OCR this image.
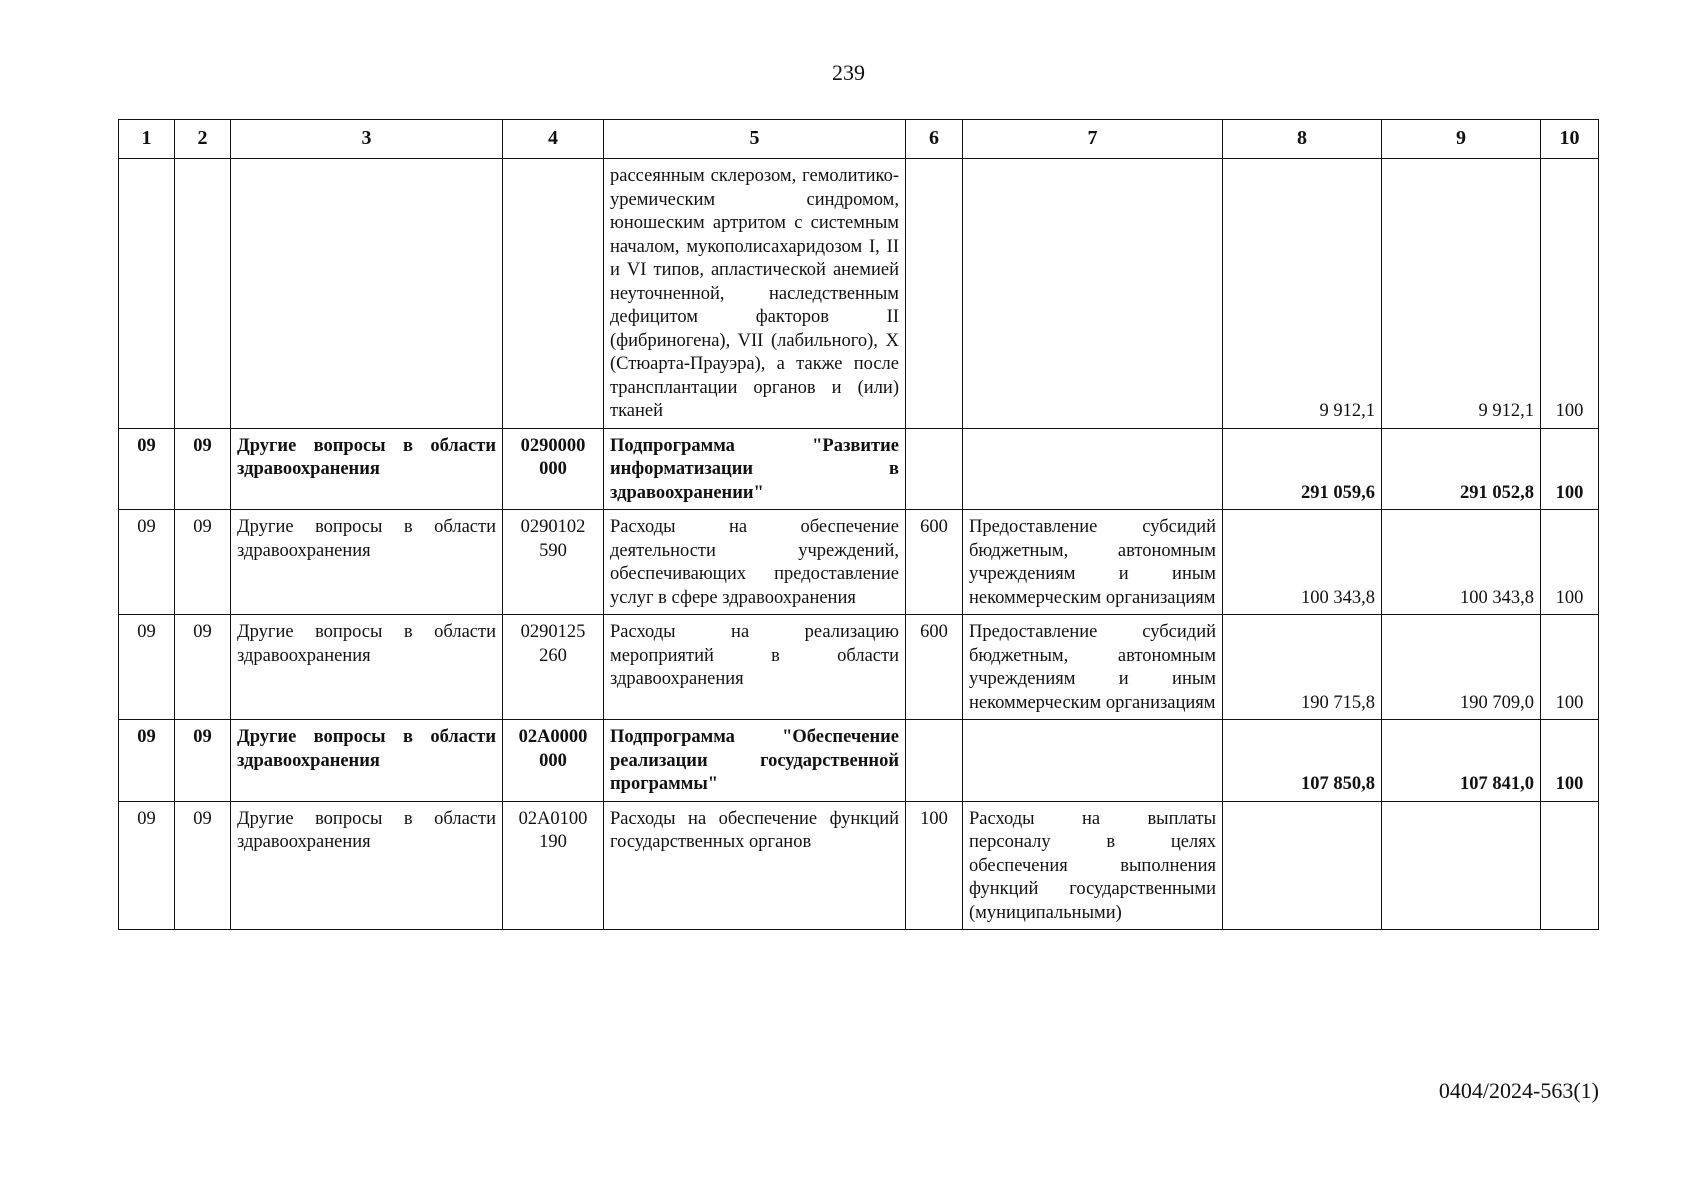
239
1	2	3	4	5	6	7	8	9	10
				рассеянным склерозом, гемолитико-уремическим синдромом, юношеским артритом с системным началом, мукополисахаридозом I, II и VI типов, апластической анемией неуточненной, наследственным дефицитом факторов II (фибриногена), VII (лабильного), X (Стюарта-Прауэра), а также после трансплантации органов и (или) тканей			9 912,1	9 912,1	100
09	09	Другие вопросы в области здравоохранения	0290000 000	Подпрограмма "Развитие информатизации в здравоохранении"			291 059,6	291 052,8	100
09	09	Другие вопросы в области здравоохранения	0290102 590	Расходы на обеспечение деятельности учреждений, обеспечивающих предоставление услуг в сфере здравоохранения	600	Предоставление субсидий бюджетным, автономным учреждениям и иным некоммерческим организациям	100 343,8	100 343,8	100
09	09	Другие вопросы в области здравоохранения	0290125 260	Расходы на реализацию мероприятий в области здравоохранения	600	Предоставление субсидий бюджетным, автономным учреждениям и иным некоммерческим организациям	190 715,8	190 709,0	100
09	09	Другие вопросы в области здравоохранения	02А0000 000	Подпрограмма "Обеспечение реализации государственной программы"			107 850,8	107 841,0	100
09	09	Другие вопросы в области здравоохранения	02А0100 190	Расходы на обеспечение функций государственных органов	100	Расходы на выплаты персоналу в целях обеспечения выполнения функций государственными (муниципальными)			
0404/2024-563(1)
